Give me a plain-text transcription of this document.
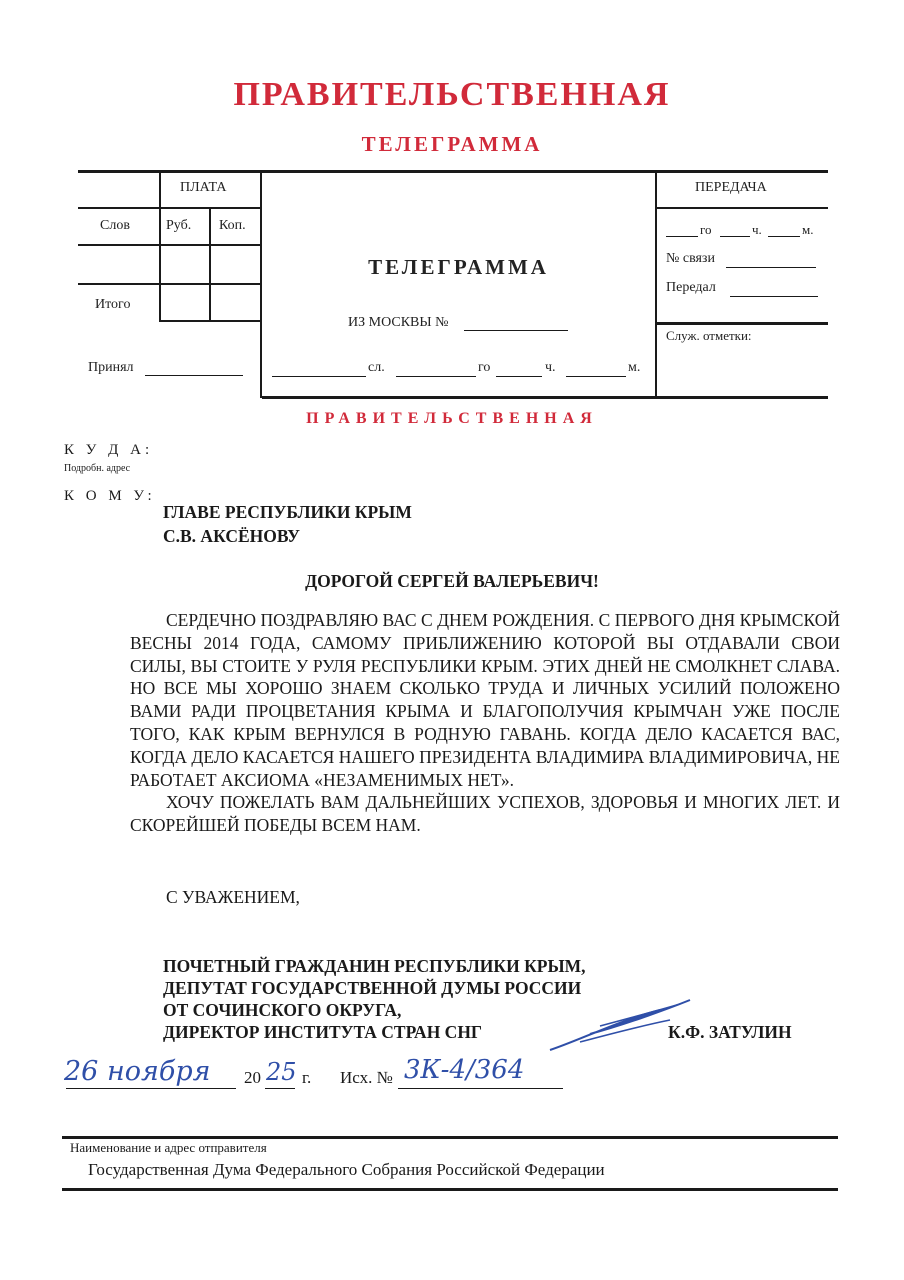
ПРАВИТЕЛЬСТВЕННАЯ
ТЕЛЕГРАММА
ПЛАТА
Слов	Руб. Коп.
Итого
Принял
ТЕЛЕГРАММА
ИЗ МОСКВЫ №
сл.	го	ч.	м.
ПЕРЕДАЧА
го	ч.	м.
№ связи
Передал
Служ. отметки:
ПРАВИТЕЛЬСТВЕННАЯ
К У Д А:
Подробн. адрес
К О М У:
ГЛАВЕ РЕСПУБЛИКИ КРЫМ
С.В. АКСЁНОВУ
ДОРОГОЙ СЕРГЕЙ ВАЛЕРЬЕВИЧ!

СЕРДЕЧНО ПОЗДРАВЛЯЮ ВАС С ДНЕМ РОЖДЕНИЯ. С ПЕРВОГО ДНЯ КРЫМСКОЙ ВЕСНЫ 2014 ГОДА, САМОМУ ПРИБЛИЖЕНИЮ КОТОРОЙ ВЫ ОТДАВАЛИ СВОИ СИЛЫ, ВЫ СТОИТЕ У РУЛЯ РЕСПУБЛИКИ КРЫМ. ЭТИХ ДНЕЙ НЕ СМОЛКНЕТ СЛАВА. НО ВСЕ МЫ ХОРОШО ЗНАЕМ СКОЛЬКО ТРУДА И ЛИЧНЫХ УСИЛИЙ ПОЛОЖЕНО ВАМИ РАДИ ПРОЦВЕТАНИЯ КРЫМА И БЛАГОПОЛУЧИЯ КРЫМЧАН УЖЕ ПОСЛЕ ТОГО, КАК КРЫМ ВЕРНУЛСЯ В РОДНУЮ ГАВАНЬ. КОГДА ДЕЛО КАСАЕТСЯ ВАС, КОГДА ДЕЛО КАСАЕТСЯ НАШЕГО ПРЕЗИДЕНТА ВЛАДИМИРА ВЛАДИМИРОВИЧА, НЕ РАБОТАЕТ АКСИОМА «НЕЗАМЕНИМЫХ НЕТ».

ХОЧУ ПОЖЕЛАТЬ ВАМ ДАЛЬНЕЙШИХ УСПЕХОВ, ЗДОРОВЬЯ И МНОГИХ ЛЕТ. И СКОРЕЙШЕЙ ПОБЕДЫ ВСЕМ НАМ.

С УВАЖЕНИЕМ,
ПОЧЕТНЫЙ ГРАЖДАНИН РЕСПУБЛИКИ КРЫМ,
ДЕПУТАТ ГОСУДАРСТВЕННОЙ ДУМЫ РОССИИ
ОТ СОЧИНСКОГО ОКРУГА,
ДИРЕКТОР ИНСТИТУТА СТРАН СНГ	К.Ф. ЗАТУЛИН
26 ноября 20 25 г. Исх. № 3К-4/364
Наименование и адрес отправителя
Государственная Дума Федерального Собрания Российской Федерации
